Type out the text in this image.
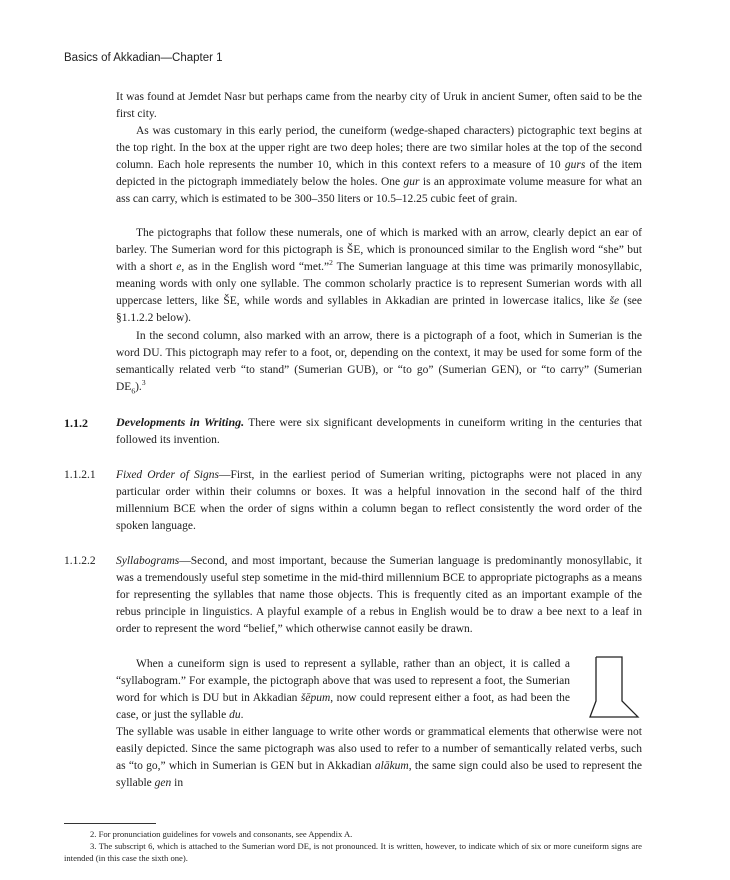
Basics of Akkadian—Chapter 1

It was found at Jemdet Nasr but perhaps came from the nearby city of Uruk in ancient Sumer, often said to be the first city.

As was customary in this early period, the cuneiform (wedge-shaped characters) pictographic text begins at the top right. In the box at the upper right are two deep holes; there are two similar holes at the top of the second column. Each hole represents the number 10, which in this context refers to a measure of 10 gurs of the item depicted in the pictograph immediately below the holes. One gur is an approximate volume measure for what an ass can carry, which is estimated to be 300–350 liters or 10.5–12.25 cubic feet of grain.

The pictographs that follow these numerals, one of which is marked with an arrow, clearly depict an ear of barley. The Sumerian word for this pictograph is ŠE, which is pronounced similar to the English word “she” but with a short e, as in the English word “met.”$^2$ The Sumerian language at this time was primarily monosyllabic, meaning words with only one syllable. The common scholarly practice is to represent Sumerian words with all uppercase letters, like ŠE, while words and syllables in Akkadian are printed in lowercase italics, like še (see §1.1.2.2 below).

In the second column, also marked with an arrow, there is a pictograph of a foot, which in Sumerian is the word DU. This pictograph may refer to a foot, or, depending on the context, it may be used for some form of the semantically related verb “to stand” (Sumerian GUB), or “to go” (Sumerian GEN), or “to carry” (Sumerian $DE_6).^3$

1.1.2 Developments in Writing. There were six significant developments in cuneiform writing in the centuries that followed its invention.

1.1.2.1 Fixed Order of Signs—First, in the earliest period of Sumerian writing, pictographs were not placed in any particular order within their columns or boxes. It was a helpful innovation in the second half of the third millennium BCE when the order of signs within a column began to reflect consistently the word order of the spoken language.

1.1.2.2 Syllabograms—Second, and most important, because the Sumerian language is predominantly monosyllabic, it was a tremendously useful step sometime in the mid-third millennium BCE to appropriate pictographs as a means for representing the syllables that name those objects. This is frequently cited as an important example of the rebus principle in linguistics. A playful example of a rebus in English would be to draw a bee next to a leaf in order to represent the word “belief,” which otherwise cannot easily be drawn.

When a cuneiform sign is used to represent a syllable, rather than an object, it is called a “syllabogram.” For example, the pictograph above that was used to represent a foot, the Sumerian word for which is DU but in Akkadian šēpum, now could represent either a foot, as had been the case, or just the syllable du.

The syllable was usable in either language to write other words or grammatical elements that otherwise were not easily depicted. Since the same pictograph was also used to refer to a number of semantically related verbs, such as “to go,” which in Sumerian is GEN but in Akkadian alākum, the same sign could also be used to represent the syllable gen in

2. For pronunciation guidelines for vowels and consonants, see Appendix A.

3. The subscript 6, which is attached to the Sumerian word DE, is not pronounced. It is written, however, to indicate which of six or more cuneiform signs are intended (in this case the sixth one).
